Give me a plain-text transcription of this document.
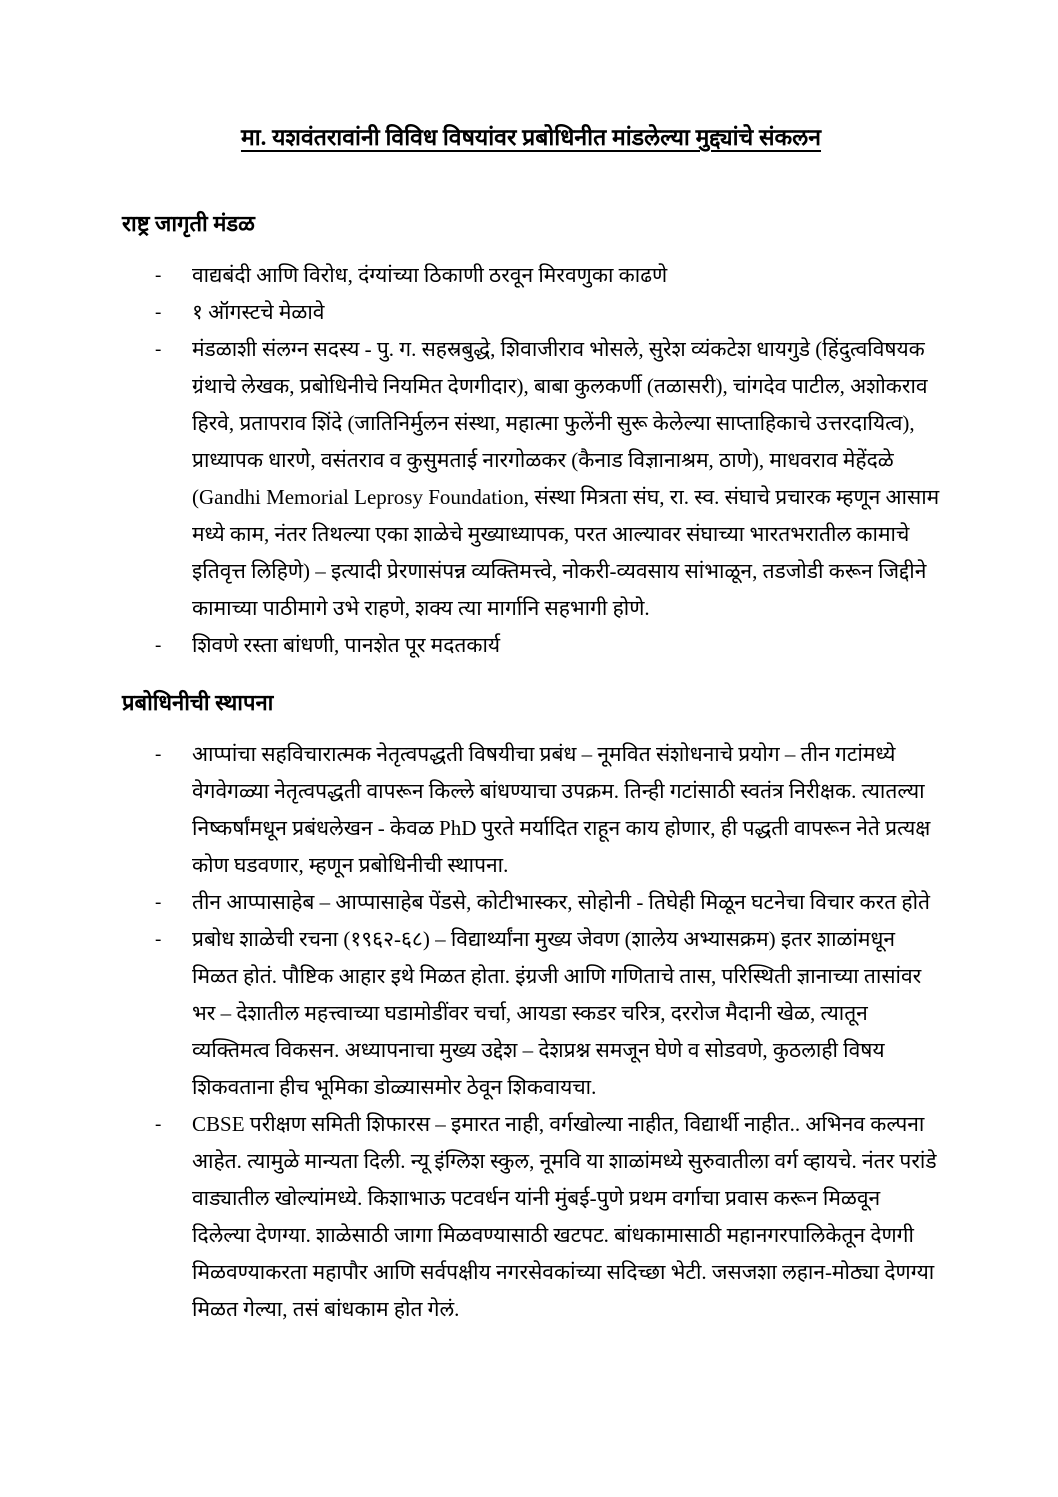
मा. यशवंतरावांनी विविध विषयांवर प्रबोधिनीत मांडलेल्या मुद्द्यांचे संकलन
राष्ट्र जागृती मंडळ
-	वाद्यबंदी आणि विरोध, दंग्यांच्या ठिकाणी ठरवून मिरवणुका काढणे
-	१ ऑगस्टचे मेळावे
-	मंडळाशी संलग्न सदस्य - पु. ग. सहस्रबुद्धे, शिवाजीराव भोसले, सुरेश व्यंकटेश धायगुडे (हिंदुत्वविषयक ग्रंथाचे लेखक, प्रबोधिनीचे नियमित देणगीदार), बाबा कुलकर्णी (तळासरी), चांगदेव पाटील, अशोकराव हिरवे, प्रतापराव शिंदे (जातिनिर्मुलन संस्था, महात्मा फुलेंनी सुरू केलेल्या साप्ताहिकाचे उत्तरदायित्व), प्राध्यापक धारणे, वसंतराव व कुसुमताई नारगोळकर (कैनाड विज्ञानाश्रम, ठाणे), माधवराव मेहेंदळे (Gandhi Memorial Leprosy Foundation, संस्था मित्रता संघ, रा. स्व. संघाचे प्रचारक म्हणून आसाम मध्ये काम, नंतर तिथल्या एका शाळेचे मुख्याध्यापक, परत आल्यावर संघाच्या भारतभरातील कामाचे इतिवृत्त लिहिणे) – इत्यादी प्रेरणासंपन्न व्यक्तिमत्त्वे, नोकरी-व्यवसाय सांभाळून, तडजोडी करून जिद्दीने कामाच्या पाठीमागे उभे राहणे, शक्य त्या मार्गानि सहभागी होणे.
-	शिवणे रस्ता बांधणी, पानशेत पूर मदतकार्य
प्रबोधिनीची स्थापना
-	आप्पांचा सहविचारात्मक नेतृत्वपद्धती विषयीचा प्रबंध – नूमवित संशोधनाचे प्रयोग – तीन गटांमध्ये वेगवेगळ्या नेतृत्वपद्धती वापरून किल्ले बांधण्याचा उपक्रम. तिन्ही गटांसाठी स्वतंत्र निरीक्षक. त्यातल्या निष्कर्षांमधून प्रबंधलेखन - केवळ PhD पुरते मर्यादित राहून काय होणार, ही पद्धती वापरून नेते प्रत्यक्ष कोण घडवणार, म्हणून प्रबोधिनीची स्थापना.
-	तीन आप्पासाहेब – आप्पासाहेब पेंडसे, कोटीभास्कर, सोहोनी - तिघेही मिळून घटनेचा विचार करत होते
-	प्रबोध शाळेची रचना (१९६२-६८) – विद्यार्थ्यांना मुख्य जेवण (शालेय अभ्यासक्रम) इतर शाळांमधून मिळत होतं. पौष्टिक आहार इथे मिळत होता. इंग्रजी आणि गणिताचे तास, परिस्थिती ज्ञानाच्या तासांवर भर – देशातील महत्त्वाच्या घडामोडींवर चर्चा, आयडा स्कडर चरित्र, दररोज मैदानी खेळ, त्यातून व्यक्तिमत्व विकसन. अध्यापनाचा मुख्य उद्देश – देशप्रश्न समजून घेणे व सोडवणे, कुठलाही विषय शिकवताना हीच भूमिका डोळ्यासमोर ठेवून शिकवायचा.
-	CBSE परीक्षण समिती शिफारस – इमारत नाही, वर्गखोल्या नाहीत, विद्यार्थी नाहीत.. अभिनव कल्पना आहेत. त्यामुळे मान्यता दिली. न्यू इंग्लिश स्कुल, नूमवि या शाळांमध्ये सुरुवातीला वर्ग व्हायचे. नंतर परांडे वाड्यातील खोल्यांमध्ये. किशाभाऊ पटवर्धन यांनी मुंबई-पुणे प्रथम वर्गाचा प्रवास करून मिळवून दिलेल्या देणग्या. शाळेसाठी जागा मिळवण्यासाठी खटपट. बांधकामासाठी महानगरपालिकेतून देणगी मिळवण्याकरता महापौर आणि सर्वपक्षीय नगरसेवकांच्या सदिच्छा भेटी. जसजशा लहान-मोठ्या देणग्या मिळत गेल्या, तसं बांधकाम होत गेलं.
